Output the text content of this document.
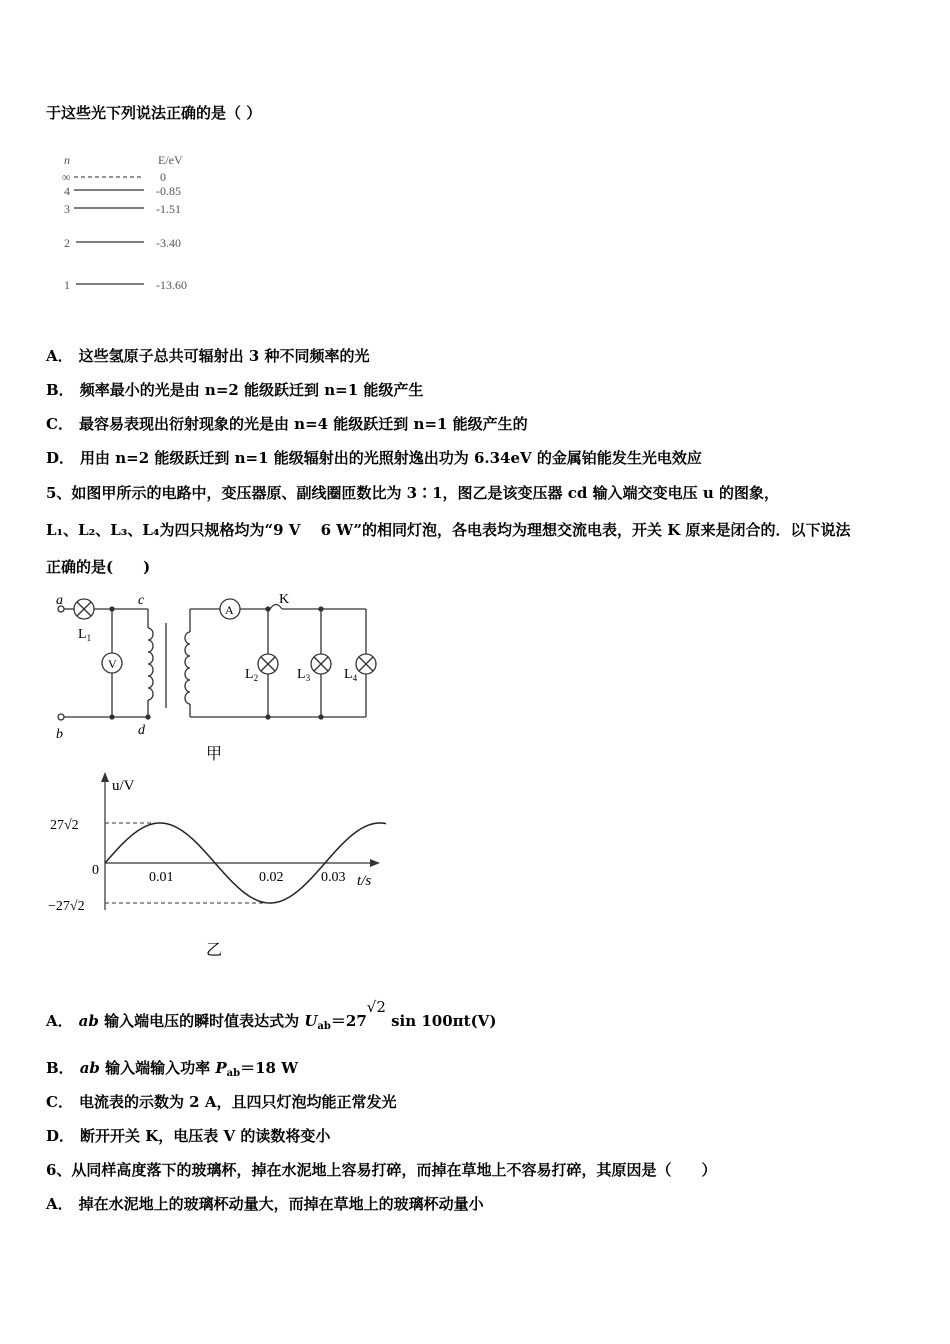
于这些光下列说法正确的是（ ）
n	E/eV
∞	0
4	-0.85
3	-1.51
2	-3.40
1	-13.60
A． 这些氢原子总共可辐射出 3 种不同频率的光
B． 频率最小的光是由 n=2 能级跃迁到 n=1 能级产生
C． 最容易表现出衍射现象的光是由 n=4 能级跃迁到 n=1 能级产生的
D． 用由 n=2 能级跃迁到 n=1 能级辐射出的光照射逸出功为 6.34eV 的金属铂能发生光电效应
5、如图甲所示的电路中，变压器原、副线圈匝数比为 3∶1，图乙是该变压器 cd 输入端交变电压 u 的图象，
L₁、L₂、L₃、L₄为四只规格均为“9 V　 6 W”的相同灯泡，各电表均为理想交流电表，开关 K 原来是闭合的．以下说法
正确的是(　　)
a
b
c
d
$L_1$
V
A
K
$L_2$	$L_3$ $L_4$
甲
u/V
t/s
0
27√2
−27√2
0.01	0.02	0.03
乙
A． ab 输入端电压的瞬时值表达式为 $U_{ab}=27√2$ sin 100πt(V)
B． ab 输入端输入功率 $P_{ab}=18$ W
C． 电流表的示数为 2 A，且四只灯泡均能正常发光
D． 断开开关 K，电压表 V 的读数将变小
6、从同样高度落下的玻璃杯，掉在水泥地上容易打碎，而掉在草地上不容易打碎，其原因是（　　）
A． 掉在水泥地上的玻璃杯动量大，而掉在草地上的玻璃杯动量小
